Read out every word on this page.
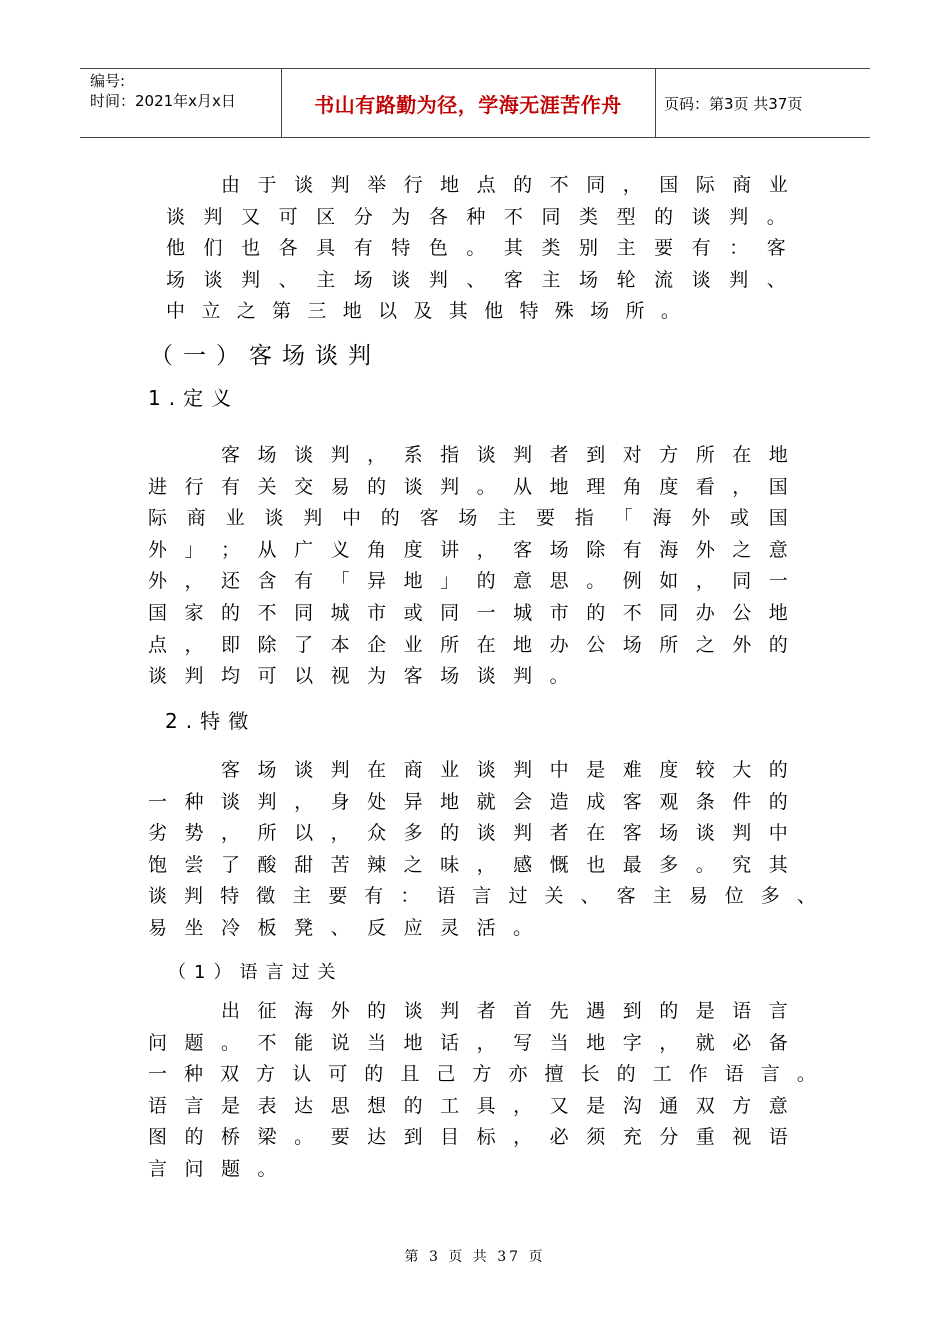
编号:
时间：2021年x月x日	书山有路勤为径，学海无涯苦作舟	页码：第3页 共37页

由 于 谈 判 举 行 地 点 的 不 同 ， 国 际 商 业
谈 判 又 可 区 分 为 各 种 不 同 类 型 的 谈 判 。
他 们 也 各 具 有 特 色 。 其 类 别 主 要 有 ： 客
场 谈 判 、 主 场 谈 判 、 客 主 场 轮 流 谈 判 、
中 立 之 第 三 地 以 及 其 他 特 殊 场 所 。

（一）客场谈判
1.定义

客 场 谈 判 ， 系 指 谈 判 者 到 对 方 所 在 地
进 行 有 关 交 易 的 谈 判 。 从 地 理 角 度 看 ， 国
际 商 业 谈 判 中 的 客 场 主 要 指 「 海 外 或 国
外 」 ； 从 广 义 角 度 讲 ， 客 场 除 有 海 外 之 意
外 ， 还 含 有 「 异 地 」 的 意 思 。 例 如 ， 同 一
国 家 的 不 同 城 市 或 同 一 城 市 的 不 同 办 公 地
点 ， 即 除 了 本 企 业 所 在 地 办 公 场 所 之 外 的
谈 判 均 可 以 视 为 客 场 谈 判 。

2.特徵

客 场 谈 判 在 商 业 谈 判 中 是 难 度 较 大 的
一 种 谈 判 ， 身 处 异 地 就 会 造 成 客 观 条 件 的
劣 势 ， 所 以 ， 众 多 的 谈 判 者 在 客 场 谈 判 中
饱 尝 了 酸 甜 苦 辣 之 味 ， 感 慨 也 最 多 。 究 其
谈 判 特 徵 主 要 有 ： 语 言 过 关 、 客 主 易 位 多 、
易 坐 冷 板 凳 、 反 应 灵 活 。

（1）语言过关

出 征 海 外 的 谈 判 者 首 先 遇 到 的 是 语 言
问 题 。 不 能 说 当 地 话 ， 写 当 地 字 ， 就 必 备
一 种 双 方 认 可 的 且 己 方 亦 擅 长 的 工 作 语 言 。
语 言 是 表 达 思 想 的 工 具 ， 又 是 沟 通 双 方 意
图 的 桥 梁 。 要 达 到 目 标 ， 必 须 充 分 重 视 语
言 问 题 。

第 3 页 共 37 页
